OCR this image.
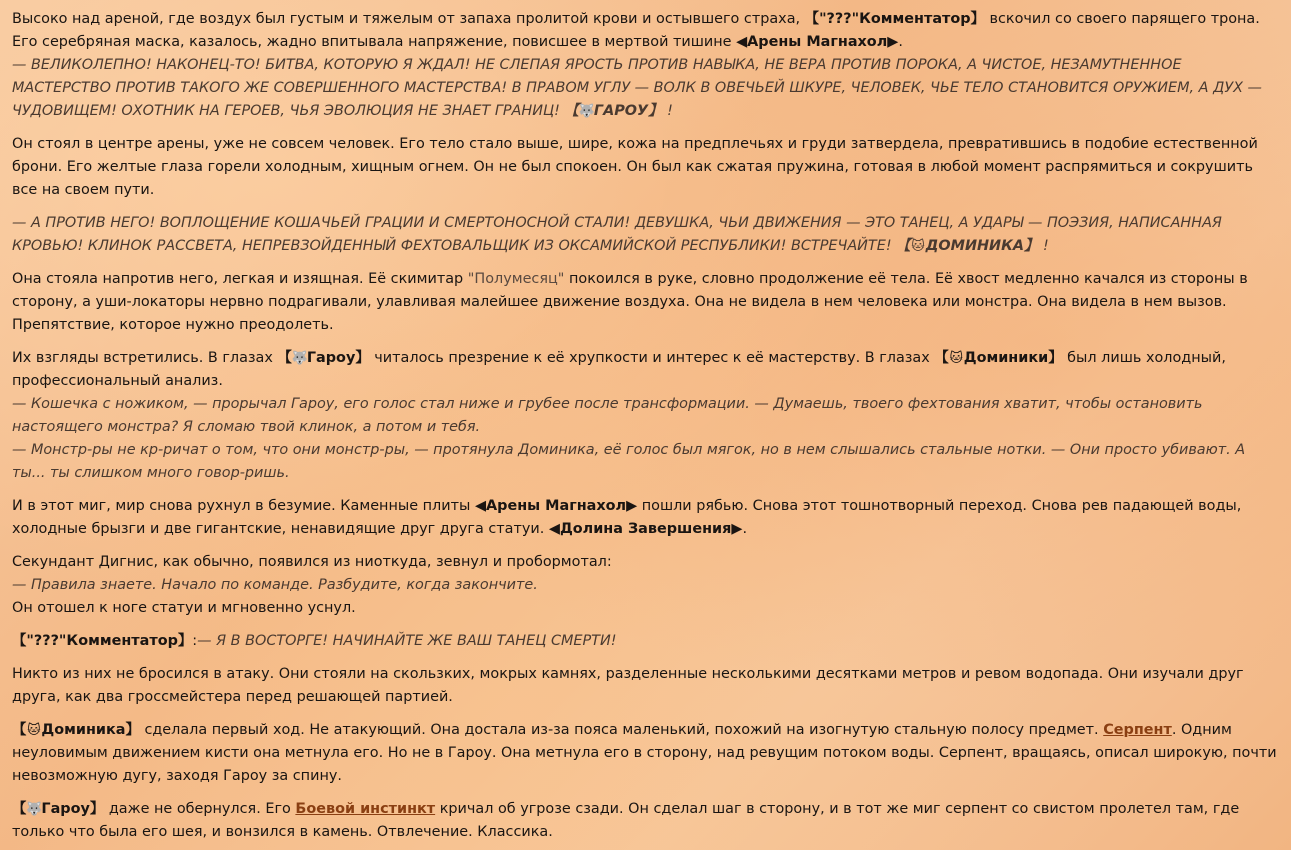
Высоко над ареной, где воздух был густым и тяжелым от запаха пролитой крови и остывшего страха, 【"???"Комментатор】 вскочил со своего парящего трона. Его серебряная маска, казалось, жадно впитывала напряжение, повисшее в мертвой тишине ◀Арены Магнахол▶.
— ВЕЛИКОЛЕПНО! НАКОНЕЦ-ТО! БИТВА, КОТОРУЮ Я ЖДАЛ! НЕ СЛЕПАЯ ЯРОСТЬ ПРОТИВ НАВЫКА, НЕ ВЕРА ПРОТИВ ПОРОКА, А ЧИСТОЕ, НЕЗАМУТНЕННОЕ МАСТЕРСТВО ПРОТИВ ТАКОГО ЖЕ СОВЕРШЕННОГО МАСТЕРСТВА! В ПРАВОМ УГЛУ — ВОЛК В ОВЕЧЬЕЙ ШКУРЕ, ЧЕЛОВЕК, ЧЬЕ ТЕЛО СТАНОВИТСЯ ОРУЖИЕМ, А ДУХ — ЧУДОВИЩЕМ! ОХОТНИК НА ГЕРОЕВ, ЧЬЯ ЭВОЛЮЦИЯ НЕ ЗНАЕТ ГРАНИЦ! 【🐺ГАРОУ】 !
Он стоял в центре арены, уже не совсем человек. Его тело стало выше, шире, кожа на предплечьях и груди затвердела, превратившись в подобие естественной брони. Его желтые глаза горели холодным, хищным огнем. Он не был спокоен. Он был как сжатая пружина, готовая в любой момент распрямиться и сокрушить все на своем пути.
— А ПРОТИВ НЕГО! ВОПЛОЩЕНИЕ КОШАЧЬЕЙ ГРАЦИИ И СМЕРТОНОСНОЙ СТАЛИ! ДЕВУШКА, ЧЬИ ДВИЖЕНИЯ — ЭТО ТАНЕЦ, А УДАРЫ — ПОЭЗИЯ, НАПИСАННАЯ КРОВЬЮ! КЛИНОК РАССВЕТА, НЕПРЕВЗОЙДЕННЫЙ ФЕХТОВАЛЬЩИК ИЗ ОКСАМИЙСКОЙ РЕСПУБЛИКИ! ВСТРЕЧАЙТЕ! 【🐱ДОМИНИКА】 !
Она стояла напротив него, легкая и изящная. Её скимитар "Полумесяц" покоился в руке, словно продолжение её тела. Её хвост медленно качался из стороны в сторону, а уши-локаторы нервно подрагивали, улавливая малейшее движение воздуха. Она не видела в нем человека или монстра. Она видела в нем вызов. Препятствие, которое нужно преодолеть.
Их взгляды встретились. В глазах 【🐺Гароу】 читалось презрение к её хрупкости и интерес к её мастерству. В глазах 【🐱Доминики】 был лишь холодный, профессиональный анализ.
— Кошечка с ножиком, — прорычал Гароу, его голос стал ниже и грубее после трансформации. — Думаешь, твоего фехтования хватит, чтобы остановить настоящего монстра? Я сломаю твой клинок, а потом и тебя.
— Монстр-ры не кр-ричат о том, что они монстр-ры, — протянула Доминика, её голос был мягок, но в нем слышались стальные нотки. — Они просто убивают. А ты... ты слишком много говор-ришь.
И в этот миг, мир снова рухнул в безумие. Каменные плиты ◀Арены Магнахол▶ пошли рябью. Снова этот тошнотворный переход. Снова рев падающей воды, холодные брызги и две гигантские, ненавидящие друг друга статуи. ◀Долина Завершения▶.
Секундант Дигнис, как обычно, появился из ниоткуда, зевнул и пробормотал:
— Правила знаете. Начало по команде. Разбудите, когда закончите.
Он отошел к ноге статуи и мгновенно уснул.
【"???"Комментатор】:— Я В ВОСТОРГЕ! НАЧИНАЙТЕ ЖЕ ВАШ ТАНЕЦ СМЕРТИ!
Никто из них не бросился в атаку. Они стояли на скользких, мокрых камнях, разделенные несколькими десятками метров и ревом водопада. Они изучали друг друга, как два гроссмейстера перед решающей партией.
【🐱Доминика】 сделала первый ход. Не атакующий. Она достала из-за пояса маленький, похожий на изогнутую стальную полосу предмет. Серпент. Одним неуловимым движением кисти она метнула его. Но не в Гароу. Она метнула его в сторону, над ревущим потоком воды. Серпент, вращаясь, описал широкую, почти невозможную дугу, заходя Гароу за спину.
【🐺Гароу】 даже не обернулся. Его Боевой инстинкт кричал об угрозе сзади. Он сделал шаг в сторону, и в тот же миг серпент со свистом пролетел там, где только что была его шея, и вонзился в камень. Отвлечение. Классика.
